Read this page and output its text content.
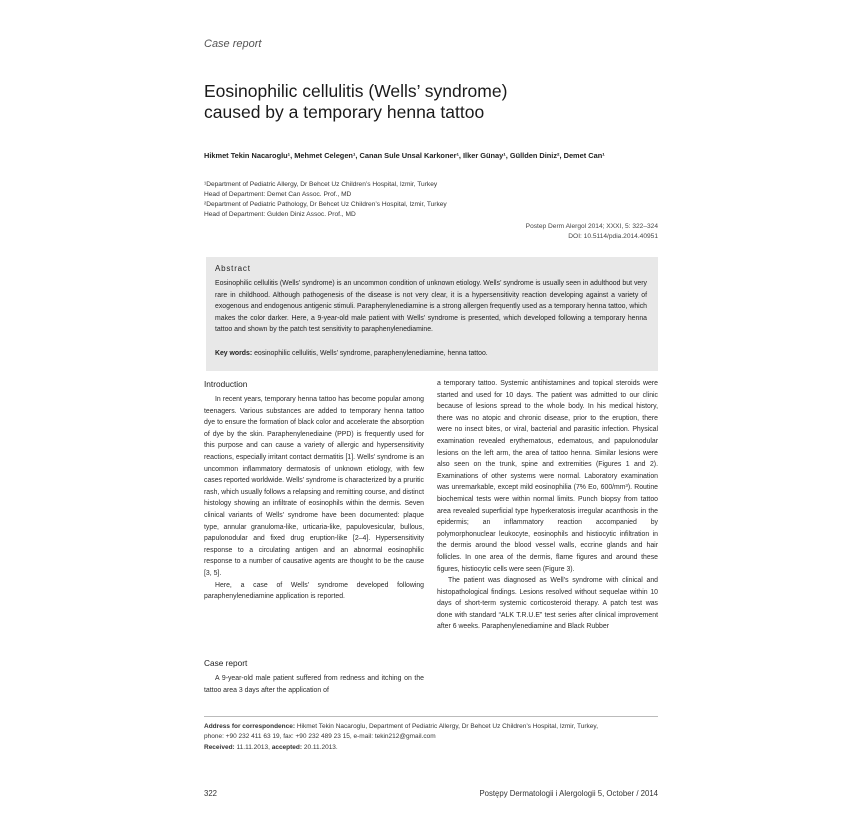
Case report
Eosinophilic cellulitis (Wells’ syndrome)
caused by a temporary henna tattoo
Hikmet Tekin Nacaroglu¹, Mehmet Celegen¹, Canan Sule Unsal Karkoner¹, Ilker Günay¹, Güllden Diniz², Demet Can¹
¹Department of Pediatric Allergy, Dr Behcet Uz Children’s Hospital, Izmir, Turkey
Head of Department: Demet Can Assoc. Prof., MD
²Department of Pediatric Pathology, Dr Behcet Uz Children’s Hospital, Izmir, Turkey
Head of Department: Gulden Diniz Assoc. Prof., MD
Postep Derm Alergol 2014; XXXI, 5: 322–324
DOI: 10.5114/pdia.2014.40951
Abstract
Eosinophilic cellulitis (Wells’ syndrome) is an uncommon condition of unknown etiology. Wells’ syndrome is usually seen in adulthood but very rare in childhood. Although pathogenesis of the disease is not very clear, it is a hypersensitivity reaction developing against a variety of exogenous and endogenous antigenic stimuli. Paraphenylenediamine is a strong allergen frequently used as a temporary henna tattoo, which makes the color darker. Here, a 9-year-old male patient with Wells’ syndrome is presented, which developed following a temporary henna tattoo and shown by the patch test sensitivity to paraphenylenediamine.
Key words: eosinophilic cellulitis, Wells’ syndrome, paraphenylenediamine, henna tattoo.
Introduction

In recent years, temporary henna tattoo has become popular among teenagers. Various substances are added to temporary henna tattoo dye to ensure the formation of black color and accelerate the absorption of dye by the skin. Paraphenylenediaine (PPD) is frequently used for this purpose and can cause a variety of allergic and hypersensitivity reactions, especially irritant contact dermatitis [1]. Wells’ syndrome is an uncommon inflammatory dermatosis of unknown etiology, with few cases reported worldwide. Wells’ syndrome is characterized by a pruritic rash, which usually follows a relapsing and remitting course, and distinct histology showing an infiltrate of eosinophils within the dermis. Seven clinical variants of Wells’ syndrome have been documented: plaque type, annular granuloma-like, urticaria-like, papulovesicular, bullous, papulonodular and fixed drug eruption-like [2–4]. Hypersensitivity response to a circulating antigen and an abnormal eosinophilic response to a number of causative agents are thought to be the cause [3, 5].

Here, a case of Wells’ syndrome developed following paraphenylenediamine application is reported.

Case report

A 9-year-old male patient suffered from redness and itching on the tattoo area 3 days after the application of

a temporary tattoo. Systemic antihistamines and topical steroids were started and used for 10 days. The patient was admitted to our clinic because of lesions spread to the whole body. In his medical history, there was no atopic and chronic disease, prior to the eruption, there were no insect bites, or viral, bacterial and parasitic infection. Physical examination revealed erythematous, edematous, and papulonodular lesions on the left arm, the area of tattoo henna. Similar lesions were also seen on the trunk, spine and extremities (Figures 1 and 2). Examinations of other systems were normal. Laboratory examination was unremarkable, except mild eosinophilia (7% Eo, 600/mm³). Routine biochemical tests were within normal limits. Punch biopsy from tattoo area revealed superficial type hyperkeratosis irregular acanthosis in the epidermis; an inflammatory reaction accompanied by polymorphonuclear leukocyte, eosinophils and histiocytic infiltration in the dermis around the blood vessel walls, eccrine glands and hair follicles. In one area of the dermis, flame figures and around these figures, histiocytic cells were seen (Figure 3).

The patient was diagnosed as Well’s syndrome with clinical and histopathological findings. Lesions resolved without sequelae within 10 days of short-term systemic corticosteroid therapy. A patch test was done with standard “ALK T.R.U.E” test series after clinical improvement after 6 weeks. Paraphenylenediamine and Black Rubber

Address for correspondence: Hikmet Tekin Nacaroglu, Department of Pediatric Allergy, Dr Behcet Uz Children’s Hospital, Izmir, Turkey,
phone: +90 232 411 63 19, fax: +90 232 489 23 15, e-mail: tekin212@gmail.com
Received: 11.11.2013, accepted: 20.11.2013.
322	Postępy Dermatologii i Alergologii 5, October / 2014
